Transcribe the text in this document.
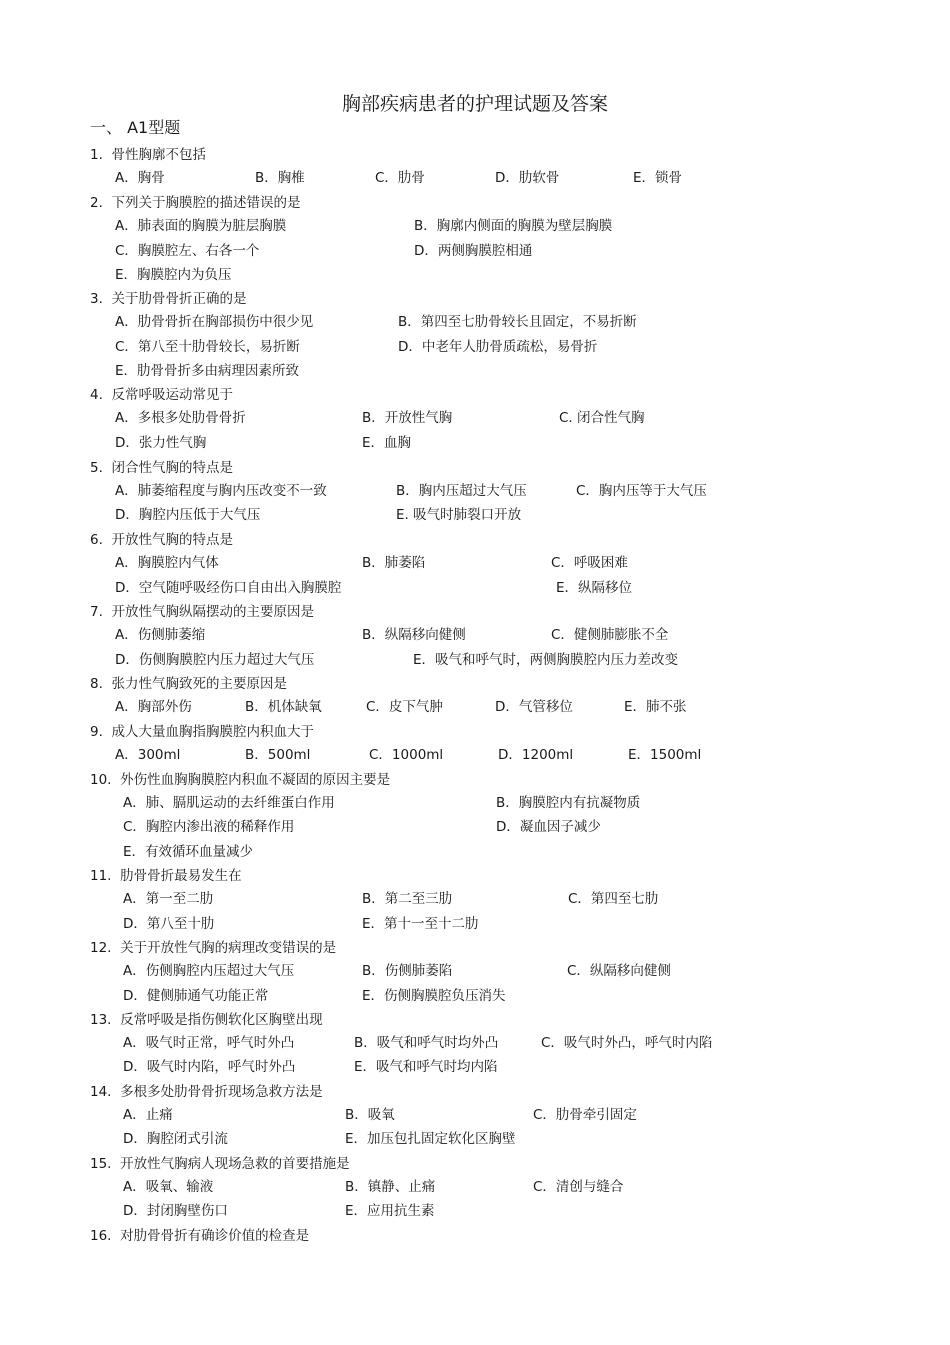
胸部疾病患者的护理试题及答案
一、 A1型题
1. 骨性胸廓不包括
A．胸骨	B．胸椎	C．肋骨	D．肋软骨	E．锁骨
2. 下列关于胸膜腔的描述错误的是
A．肺表面的胸膜为脏层胸膜	B．胸廓内侧面的胸膜为壁层胸膜
C．胸膜腔左、右各一个	D．两侧胸膜腔相通
E．胸膜腔内为负压
3. 关于肋骨骨折正确的是
A．肋骨骨折在胸部损伤中很少见	B．第四至七肋骨较长且固定，不易折断
C．第八至十肋骨较长，易折断	D．中老年人肋骨质疏松，易骨折
E．肋骨骨折多由病理因素所致
4. 反常呼吸运动常见于
A．多根多处肋骨骨折	B．开放性气胸	C. 闭合性气胸
D．张力性气胸	E．血胸
5. 闭合性气胸的特点是
A．肺萎缩程度与胸内压改变不一致	B．胸内压超过大气压	C．胸内压等于大气压
D．胸腔内压低于大气压	E. 吸气时肺裂口开放
6. 开放性气胸的特点是
A．胸膜腔内气体	B．肺萎陷	C．呼吸困难
D．空气随呼吸经伤口自由出入胸膜腔	E．纵隔移位
7. 开放性气胸纵隔摆动的主要原因是
A．伤侧肺萎缩	B．纵隔移向健侧	C．健侧肺膨胀不全
D．伤侧胸膜腔内压力超过大气压	E．吸气和呼气时，两侧胸膜腔内压力差改变
8. 张力性气胸致死的主要原因是
A．胸部外伤	B．机体缺氧	C．皮下气肿	D．气管移位	E．肺不张
9. 成人大量血胸指胸膜腔内积血大于
A．300ml	B．500ml	C．1000ml	D．1200ml	E．1500ml
10. 外伤性血胸胸膜腔内积血不凝固的原因主要是
A．肺、膈肌运动的去纤维蛋白作用	B．胸膜腔内有抗凝物质
C．胸腔内渗出液的稀释作用	D．凝血因子减少
E．有效循环血量减少
11. 肋骨骨折最易发生在
A．第一至二肋	B．第二至三肋	C．第四至七肋
D．第八至十肋	E．第十一至十二肋
12. 关于开放性气胸的病理改变错误的是
A．伤侧胸腔内压超过大气压	B．伤侧肺萎陷	C．纵隔移向健侧
D．健侧肺通气功能正常	E．伤侧胸膜腔负压消失
13. 反常呼吸是指伤侧软化区胸壁出现
A．吸气时正常，呼气时外凸	B．吸气和呼气时均外凸	C．吸气时外凸，呼气时内陷
D．吸气时内陷，呼气时外凸	E．吸气和呼气时均内陷
14. 多根多处肋骨骨折现场急救方法是
A．止痛	B．吸氧	C．肋骨牵引固定
D．胸腔闭式引流	E．加压包扎固定软化区胸壁
15. 开放性气胸病人现场急救的首要措施是
A．吸氧、输液	B．镇静、止痛	C．清创与缝合
D．封闭胸壁伤口	E．应用抗生素
16. 对肋骨骨折有确诊价值的检查是
